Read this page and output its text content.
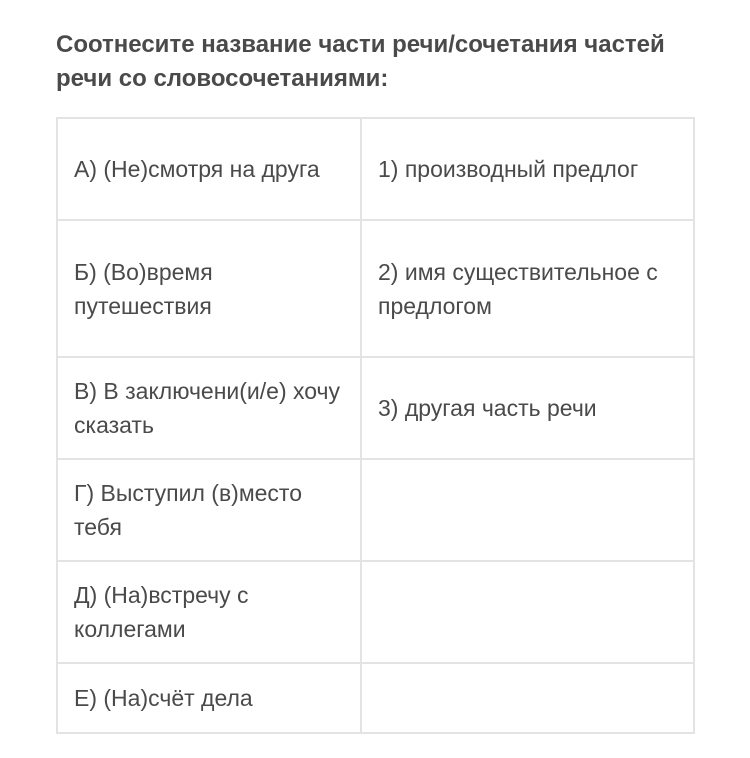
Соотнесите название части речи/сочетания частей речи со словосочетаниями:
А) (Не)смотря на друга	1) производный предлог
Б) (Во)время путешествия	2) имя существительное с предлогом
В) В заключени(и/е) хочу сказать	3) другая часть речи
Г) Выступил (в)место тебя	
Д) (На)встречу с коллегами	
Е) (На)счёт дела	
